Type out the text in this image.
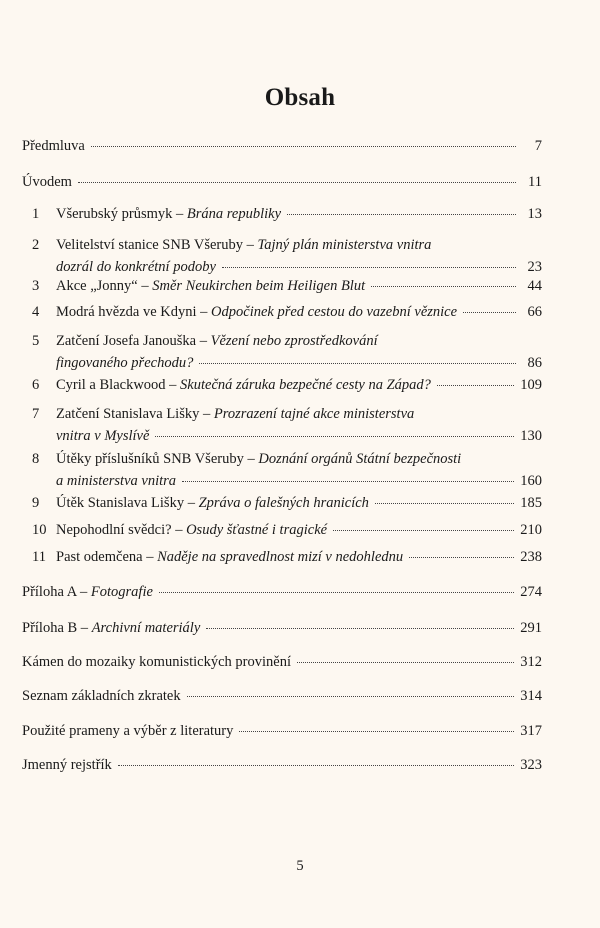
Obsah
Předmluva	7
Úvodem	11
1	Všerubský průsmyk – Brána republiky	13
2	Velitelství stanice SNB Všeruby – Tajný plán ministerstva vnitra
dozrál do konkrétní podoby	23
3	Akce „Jonny“ – Směr Neukirchen beim Heiligen Blut	44
4	Modrá hvězda ve Kdyni – Odpočinek před cestou do vazební věznice	66
5	Zatčení Josefa Janouška – Vězení nebo zprostředkování
fingovaného přechodu?	86
6	Cyril a Blackwood – Skutečná záruka bezpečné cesty na Západ?	109
7	Zatčení Stanislava Lišky – Prozrazení tajné akce ministerstva
vnitra v Myslívě	130
8	Útěky příslušníků SNB Všeruby – Doznání orgánů Státní bezpečnosti
a ministerstva vnitra	160
9	Útěk Stanislava Lišky – Zpráva o falešných hranicích	185
10 Nepohodlní svědci? – Osudy šťastné i tragické	210
11 Past odemčena – Naděje na spravedlnost mizí v nedohlednu	238
Příloha A – Fotografie	274
Příloha B – Archivní materiály	291
Kámen do mozaiky komunistických provinění	312
Seznam základních zkratek	314
Použité prameny a výběr z literatury	317
Jmenný rejstřík	323
5
